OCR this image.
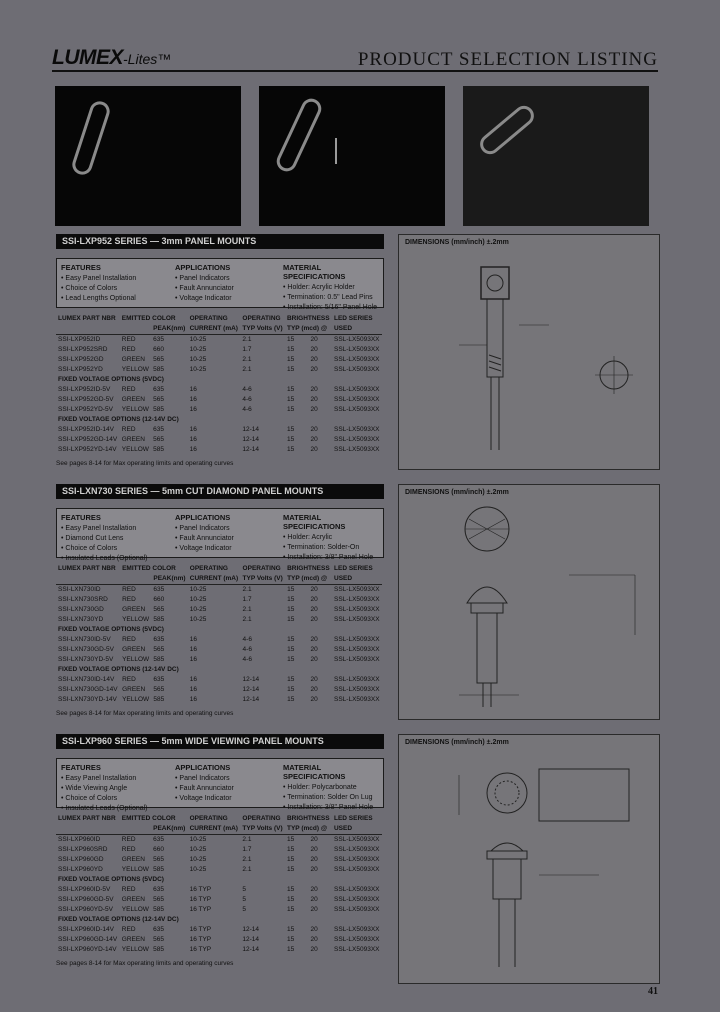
LUMEX-Lites™	PRODUCT SELECTION LISTING
SSI-LXP952 SERIES — 3mm PANEL MOUNTS
FEATURES
• Easy Panel Installation
• Choice of Colors
• Lead Lengths Optional
APPLICATIONS
• Panel Indicators
• Fault Annunciator
• Voltage Indicator
MATERIAL SPECIFICATIONS
• Holder: Acrylic Holder
• Termination: 0.5" Lead Pins
• Installation: 5/16" Panel Hole
LUMEX PART NBR	EMITTED COLOR		OPERATING	OPERATING	BRIGHTNESS		LED SERIES
		PEAK(nm)	CURRENT (mA)	TYP Volts (V)	TYP (mcd) @		USED
SSI-LXP952ID	RED	635	10-25	2.1	15	20	SSL-LX5093XX
SSI-LXP952SRD	RED	660	10-25	1.7	15	20	SSL-LX5093XX
SSI-LXP952GD	GREEN	565	10-25	2.1	15	20	SSL-LX5093XX
SSI-LXP952YD	YELLOW	585	10-25	2.1	15	20	SSL-LX5093XX
FIXED VOLTAGE OPTIONS (5VDC)							
SSI-LXP952ID-5V	RED	635	16	4-6	15	20	SSL-LX5093XX
SSI-LXP952GD-5V	GREEN	565	16	4-6	15	20	SSL-LX5093XX
SSI-LXP952YD-5V	YELLOW	585	16	4-6	15	20	SSL-LX5093XX
FIXED VOLTAGE OPTIONS (12-14V DC)							
SSI-LXP952ID-14V	RED	635	16	12-14	15	20	SSL-LX5093XX
SSI-LXP952GD-14V	GREEN	565	16	12-14	15	20	SSL-LX5093XX
SSI-LXP952YD-14V	YELLOW	585	16	12-14	15	20	SSL-LX5093XX
See pages 8-14 for Max operating limits and operating curves
DIMENSIONS (mm/inch) ±.2mm
SSI-LXN730 SERIES — 5mm CUT DIAMOND PANEL MOUNTS
FEATURES
• Easy Panel Installation
• Diamond Cut Lens
• Choice of Colors
• Insulated Leads (Optional)
APPLICATIONS
• Panel Indicators
• Fault Annunciator
• Voltage Indicator
MATERIAL SPECIFICATIONS
• Holder: Acrylic
• Termination: Solder-On
• Installation: 3/8" Panel Hole
LUMEX PART NBR	EMITTED COLOR		OPERATING	OPERATING	BRIGHTNESS		LED SERIES
		PEAK(nm)	CURRENT (mA)	TYP Volts (V)	TYP (mcd) @		USED
SSI-LXN730ID	RED	635	10-25	2.1	15	20	SSL-LX5093XX
SSI-LXN730SRD	RED	660	10-25	1.7	15	20	SSL-LX5093XX
SSI-LXN730GD	GREEN	565	10-25	2.1	15	20	SSL-LX5093XX
SSI-LXN730YD	YELLOW	585	10-25	2.1	15	20	SSL-LX5093XX
FIXED VOLTAGE OPTIONS (5VDC)							
SSI-LXN730ID-5V	RED	635	16	4-6	15	20	SSL-LX5093XX
SSI-LXN730GD-5V	GREEN	565	16	4-6	15	20	SSL-LX5093XX
SSI-LXN730YD-5V	YELLOW	585	16	4-6	15	20	SSL-LX5093XX
FIXED VOLTAGE OPTIONS (12-14V DC)							
SSI-LXN730ID-14V	RED	635	16	12-14	15	20	SSL-LX5093XX
SSI-LXN730GD-14V	GREEN	565	16	12-14	15	20	SSL-LX5093XX
SSI-LXN730YD-14V	YELLOW	585	16	12-14	15	20	SSL-LX5093XX
See pages 8-14 for Max operating limits and operating curves
DIMENSIONS (mm/inch) ±.2mm
SSI-LXP960 SERIES — 5mm WIDE VIEWING PANEL MOUNTS
FEATURES
• Easy Panel Installation
• Wide Viewing Angle
• Choice of Colors
• Insulated Leads (Optional)
APPLICATIONS
• Panel Indicators
• Fault Annunciator
• Voltage Indicator
MATERIAL SPECIFICATIONS
• Holder: Polycarbonate
• Termination: Solder On Lug
• Installation: 3/8" Panel Hole
LUMEX PART NBR	EMITTED COLOR		OPERATING	OPERATING	BRIGHTNESS		LED SERIES
		PEAK(nm)	CURRENT (mA)	TYP Volts (V)	TYP (mcd) @		USED
SSI-LXP960ID	RED	635	10-25	2.1	15	20	SSL-LX5093XX
SSI-LXP960SRD	RED	660	10-25	1.7	15	20	SSL-LX5093XX
SSI-LXP960GD	GREEN	565	10-25	2.1	15	20	SSL-LX5093XX
SSI-LXP960YD	YELLOW	585	10-25	2.1	15	20	SSL-LX5093XX
FIXED VOLTAGE OPTIONS (5VDC)							
SSI-LXP960ID-5V	RED	635	16 TYP	5	15	20	SSL-LX5093XX
SSI-LXP960GD-5V	GREEN	565	16 TYP	5	15	20	SSL-LX5093XX
SSI-LXP960YD-5V	YELLOW	585	16 TYP	5	15	20	SSL-LX5093XX
FIXED VOLTAGE OPTIONS (12-14V DC)							
SSI-LXP960ID-14V	RED	635	16 TYP	12-14	15	20	SSL-LX5093XX
SSI-LXP960GD-14V	GREEN	565	16 TYP	12-14	15	20	SSL-LX5093XX
SSI-LXP960YD-14V	YELLOW	585	16 TYP	12-14	15	20	SSL-LX5093XX
See pages 8-14 for Max operating limits and operating curves
DIMENSIONS (mm/inch) ±.2mm
41
